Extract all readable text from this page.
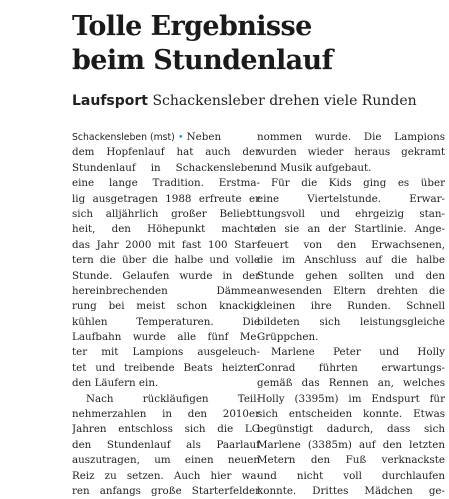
Tolle Ergebnisse
beim Stundenlauf
Laufsport Schackensleber drehen viele Runden
Schackensleben (mst) • Neben
dem Hopfenlauf hat auch der
Stundenlauf in Schackensleben
eine lange Tradition. Erstma-
lig ausgetragen 1988 erfreute er
sich alljährlich großer Beliebt-
heit, den Höhepunkt machte
das Jahr 2000 mit fast 100 Star-
tern die über die halbe und volle
Stunde. Gelaufen wurde in der
hereinbrechenden Dämme-
rung bei meist schon knackig
kühlen Temperaturen. Die
Laufbahn wurde alle fünf Me-
ter mit Lampions ausgeleuch-
tet und treibende Beats heizten
den Läufern ein.
Nach rückläufigen Teil-
nehmerzahlen in den 2010er
Jahren entschloss sich die LG
den Stundenlauf als Paarlauf
auszutragen, um einen neuen
Reiz zu setzen. Auch hier wa-
ren anfangs große Starterfelder
nommen wurde. Die Lampions
wurden wieder heraus gekramt
und Musik aufgebaut.
Für die Kids ging es über
eine Viertelstunde. Erwar-
tungsvoll und ehrgeizig stan-
den sie an der Startlinie. Ange-
feuert von den Erwachsenen,
die im Anschluss auf die halbe
Stunde gehen sollten und den
anwesenden Eltern drehten die
kleinen ihre Runden. Schnell
bildeten sich leistungsgleiche
Grüppchen.
Marlene Peter und Holly
Conrad führten erwartungs-
gemäß das Rennen an, welches
Holly (3395m) im Endspurt für
sich entscheiden konnte. Etwas
begünstigt dadurch, dass sich
Marlene (3385m) auf den letzten
Metern den Fuß verknackste
und nicht voll durchlaufen
konnte. Drittes Mädchen ge-
